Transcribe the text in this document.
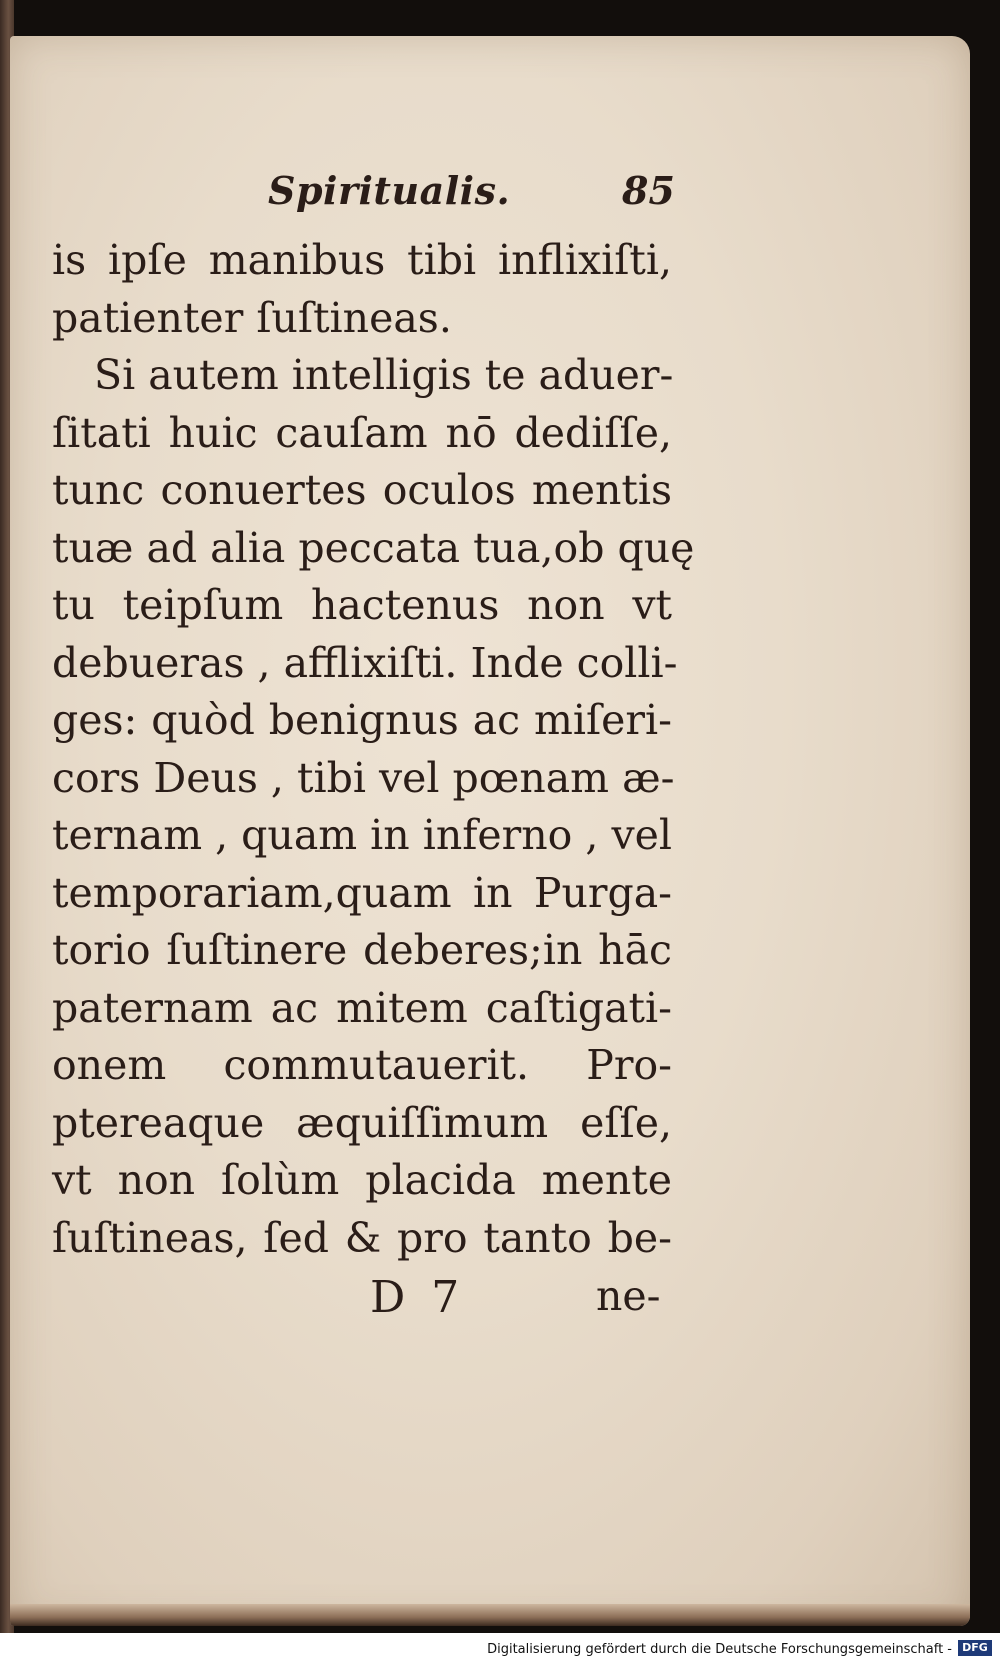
Spiritualis.	85
is ipſe manibus tibi inflixiſti,
patienter ſuſtineas.
Si autem intelligis te aduer-
ſitati huic cauſam nō dediſſe,
tunc conuertes oculos mentis
tuæ ad alia peccata tua,ob quę
tu teipſum hactenus non vt
debueras , afflixiſti. Inde colli-
ges: quòd benignus ac miſeri-
cors Deus , tibi vel pœnam æ-
ternam , quam in inferno , vel
temporariam,quam in Purga-
torio ſuſtinere deberes;in hāc
paternam ac mitem caſtigati-
onem commutauerit. Pro-
ptereaque æquiſſimum eſſe,
vt non ſolùm placida mente
ſuſtineas, ſed & pro tanto be-
D 7	ne-
Digitalisierung gefördert durch die Deutsche Forschungsgemeinschaft - DFG
